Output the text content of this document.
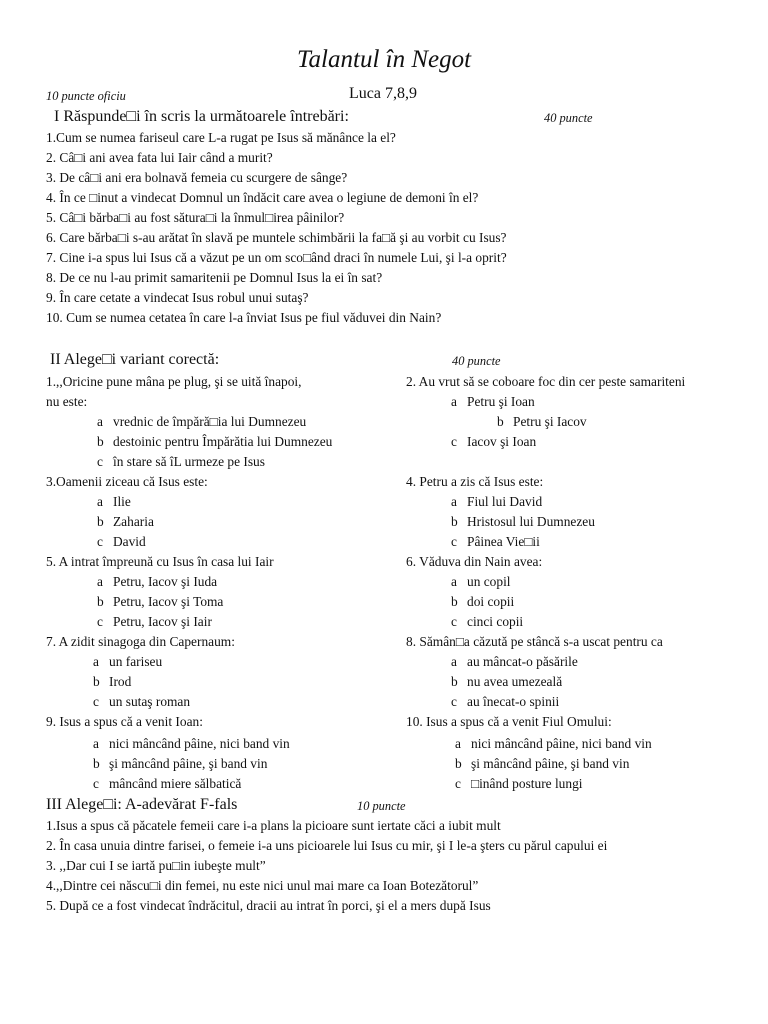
Talantul în Negot
10 puncte oficiu	Luca 7,8,9
I Răspunde□i în scris la următoarele întrebări:	40 puncte
1.Cum se numea fariseul care L-a rugat pe Isus să mănânce la el?
2. Câ□i ani avea fata lui Iair când a murit?
3. De câ□i ani era bolnavă femeia cu scurgere de sânge?
4. În ce □inut a vindecat Domnul un îndăcit care avea o legiune de demoni în el?
5. Câ□i bărba□i au fost sătura□i la înmul□irea pâinilor?
6. Care bărba□i s-au arătat în slavă pe muntele schimbării la fa□ă şi au vorbit cu Isus?
7. Cine i-a spus lui Isus că a văzut pe un om sco□ând draci în numele Lui, şi l-a oprit?
8. De ce nu l-au primit samaritenii pe Domnul Isus la ei în sat?
9. În care cetate a vindecat Isus robul unui sutaş?
10. Cum se numea cetatea în care l-a înviat Isus pe fiul văduvei din Nain?
II Alege□i variant corectă:	40 puncte
1.,,Oricine pune mâna pe plug, şi se uită înapoi,
nu este:
a vrednic de împără□ia lui Dumnezeu
b destoinic pentru Împărătia lui Dumnezeu
c în stare să îL urmeze pe Isus
3.Oamenii ziceau că Isus este:
a Ilie
b Zaharia
c David
5. A intrat împreună cu Isus în casa lui Iair
a Petru, Iacov şi Iuda
b Petru, Iacov şi Toma
c Petru, Iacov şi Iair
7. A zidit sinagoga din Capernaum:
a un fariseu
b Irod
c un sutaş roman
9. Isus a spus că a venit Ioan:
a nici mâncând pâine, nici band vin
b şi mâncând pâine, şi band vin
c mâncând miere sălbatică
2. Au vrut să se coboare foc din cer peste samariteni
a Petru şi Ioan
b Petru şi Iacov
c Iacov şi Ioan
4. Petru a zis că Isus este:
a Fiul lui David
b Hristosul lui Dumnezeu
c Pâinea Vie□ii
6. Văduva din Nain avea:
a un copil
b doi copii
c cinci copii
8. Sămân□a căzută pe stâncă s-a uscat pentru ca
a au mâncat-o păsările
b nu avea umezeală
c au înecat-o spinii
10. Isus a spus că a venit Fiul Omului:
a nici mâncând pâine, nici band vin
b şi mâncând pâine, şi band vin
c □inând posture lungi
III Alege□i: A-adevărat F-fals	10 puncte
1.Isus a spus că păcatele femeii care i-a plans la picioare sunt iertate căci a iubit mult
2. În casa unuia dintre farisei, o femeie i-a uns picioarele lui Isus cu mir, şi I le-a şters cu părul capului ei
3. ,,Dar cui I se iartă pu□in iubeşte mult”
4.,,Dintre cei născu□i din femei, nu este nici unul mai mare ca Ioan Botezătorul”
5. După ce a fost vindecat îndrăcitul, dracii au intrat în porci, şi el a mers după Isus
